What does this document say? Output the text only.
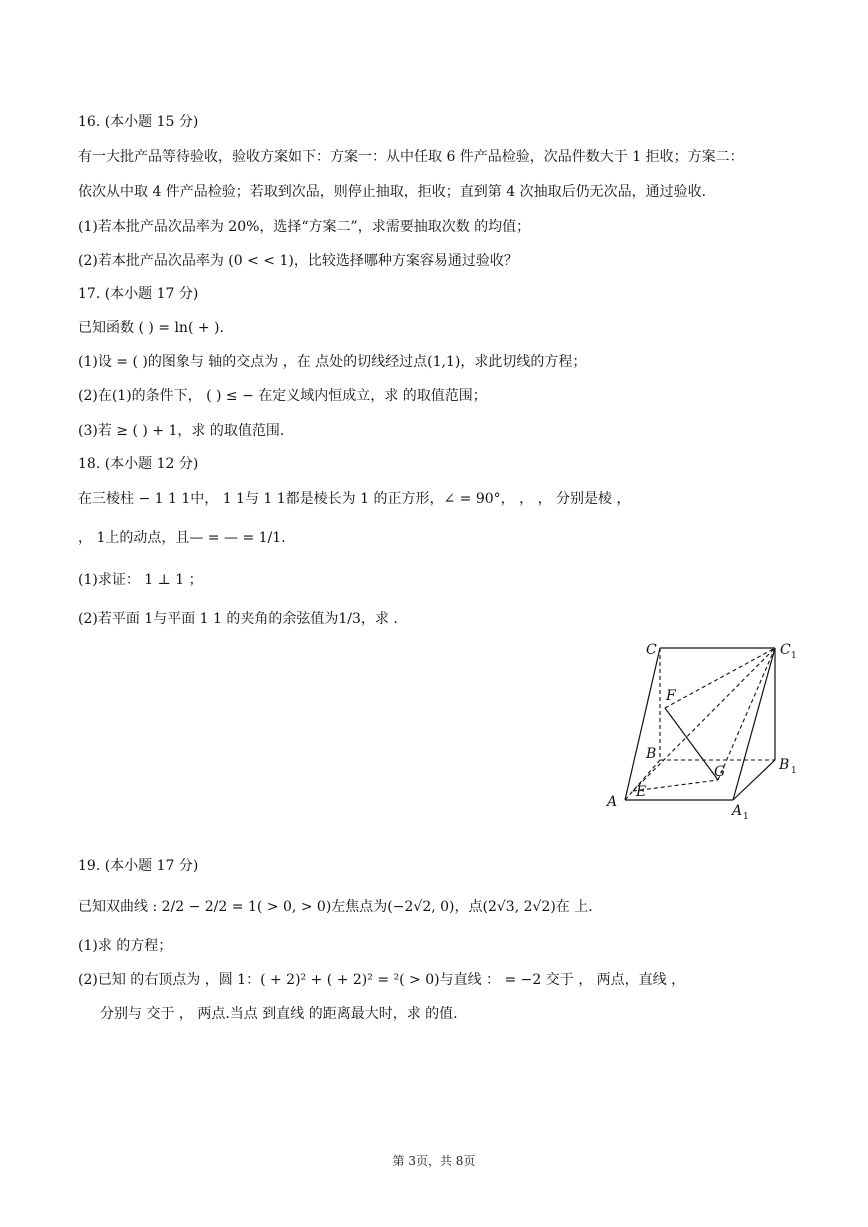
16. (本小题 15 分)
有一大批产品等待验收，验收方案如下：方案一：从中任取 6 件产品检验，次品件数大于 1 拒收；方案二：
依次从中取 4 件产品检验；若取到次品，则停止抽取，拒收；直到第 4 次抽取后仍无次品，通过验收.
(1)若本批产品次品率为 20%，选择“方案二”，求需要抽取次数 的均值；
(2)若本批产品次品率为 (0 < < 1)，比较选择哪种方案容易通过验收？
17. (本小题 17 分)
已知函数 ( ) = ln( + ).
(1)设 = ( )的图象与 轴的交点为 ，在 点处的切线经过点(1,1)，求此切线的方程；
(2)在(1)的条件下， ( ) ≤ − 在定义域内恒成立，求 的取值范围；
(3)若 ≥ ( ) + 1，求 的取值范围.
18. (本小题 12 分)
在三棱柱 − 1 1 1中， 1 1与 1 1都是棱长为 1 的正方形，∠ = 90°， ， ， 分别是棱 ，
， 1上的动点，且— = — = 1/1.
(1)求证： 1 ⊥ 1 ；
(2)若平面 1与平面 1 1 的夹角的余弦值为1/3，求 .
C	C 1
F
B
G	B 1
A
E
A 1
19. (本小题 17 分)
已知双曲线 : 2/2 − 2/2 = 1( > 0, > 0)左焦点为(−2√2, 0)，点(2√3, 2√2)在 上.
(1)求 的方程；
(2)已知 的右顶点为 ，圆 1：( + 2)² + ( + 2)² = ²( > 0)与直线 ： = −2 交于 ， 两点，直线 ，
分别与 交于 ， 两点.当点 到直线 的距离最大时，求 的值.
第 3页，共 8页
